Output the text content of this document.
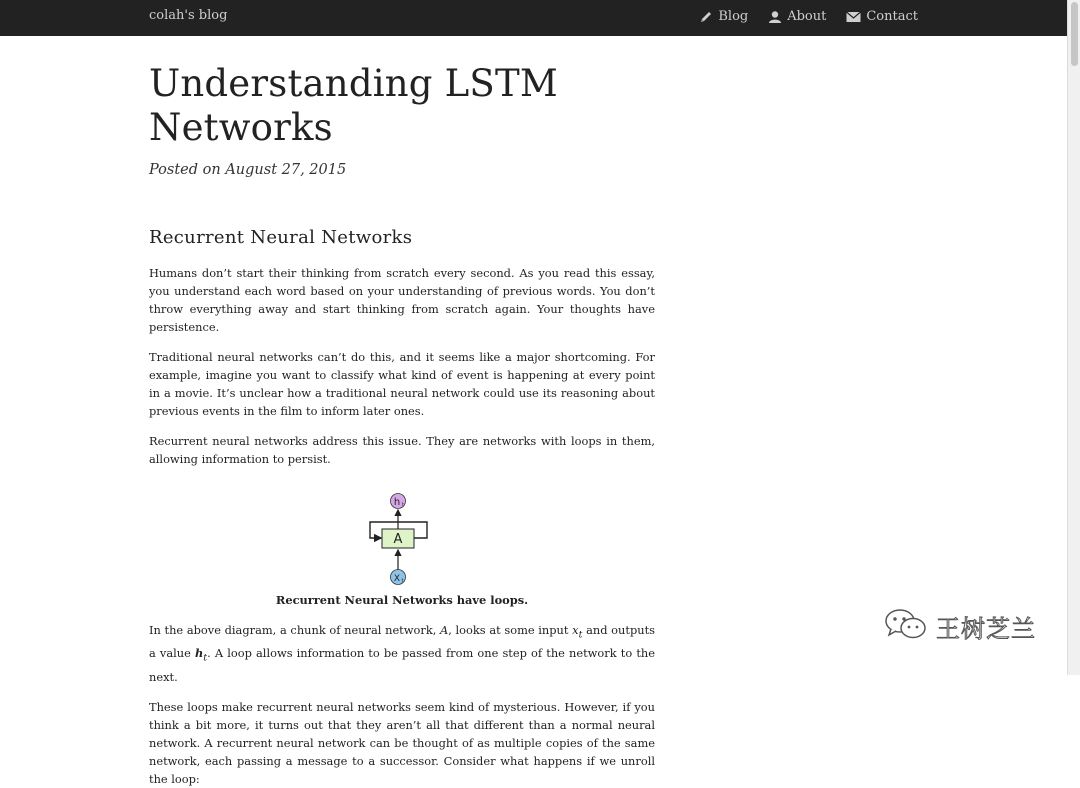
colah's blog	Blog	About	Contact
Understanding LSTM Networks
Posted on August 27, 2015
Recurrent Neural Networks

Humans don’t start their thinking from scratch every second. As you read this essay, you understand each word based on your understanding of previous words. You don’t throw everything away and start thinking from scratch again. Your thoughts have persistence.

Traditional neural networks can’t do this, and it seems like a major shortcoming. For example, imagine you want to classify what kind of event is happening at every point in a movie. It’s unclear how a traditional neural network could use its reasoning about previous events in the film to inform later ones.

Recurrent neural networks address this issue. They are networks with loops in them, allowing information to persist.

A
h t
X t
Recurrent Neural Networks have loops.

In the above diagram, a chunk of neural network, A, looks at some input $x_t$ and outputs a value $h_t$. A loop allows information to be passed from one step of the network to the next.

These loops make recurrent neural networks seem kind of mysterious. However, if you think a bit more, it turns out that they aren’t all that different than a normal neural network. A recurrent neural network can be thought of as multiple copies of the same network, each passing a message to a successor. Consider what happens if we unroll the loop:

王树芝兰
